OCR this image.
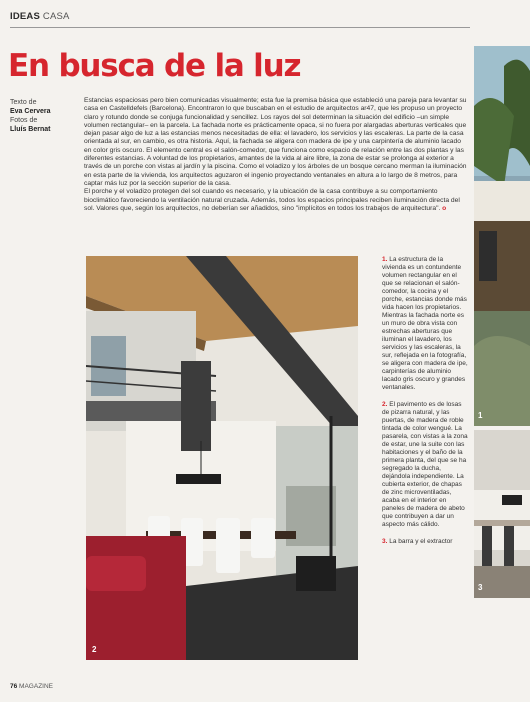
IDEAS CASA
En busca de la luz
Texto de
Eva Cervera
Fotos de
Lluís Bernat

Estancias espaciosas pero bien comunicadas visualmente; esta fue la premisa básica que estableció una pareja para levantar su casa en Castelldefels (Barcelona). Encontraron lo que buscaban en el estudio de arquitectos ar47, que les propuso un proyecto claro y rotundo donde se conjuga funcionalidad y sencillez. Los rayos del sol determinan la situación del edificio –un simple volumen rectangular– en la parcela. La fachada norte es prácticamente opaca, si no fuera por alargadas aberturas verticales que dejan pasar algo de luz a las estancias menos necesitadas de ella: el lavadero, los servicios y las escaleras. La parte de la casa orientada al sur, en cambio, es otra historia. Aquí, la fachada se aligera con madera de ipe y una carpintería de aluminio lacado en color gris oscuro. El elemento central es el salón-comedor, que funciona como espacio de relación entre las dos plantas y las diferentes estancias. A voluntad de los propietarios, amantes de la vida al aire libre, la zona de estar se prolonga al exterior a través de un porche con vistas al jardín y la piscina. Como el voladizo y los árboles de un bosque cercano merman la iluminación en esta parte de la vivienda, los arquitectos aguzaron el ingenio proyectando ventanales en altura a lo largo de 8 metros, para captar más luz por la sección superior de la casa.

El porche y el voladizo protegen del sol cuando es necesario, y la ubicación de la casa contribuye a su comportamiento bioclimático favoreciendo la ventilación natural cruzada. Además, todos los espacios principales reciben iluminación directa del sol. Valores que, según los arquitectos, no deberían ser añadidos, sino "implícitos en todos los trabajos de arquitectura". o

2
1
3
1. La estructura de la vivienda es un contundente volumen rectangular en el que se relacionan el salón-comedor, la cocina y el porche, estancias donde más vida hacen los propietarios. Mientras la fachada norte es un muro de obra vista con estrechas aberturas que iluminan el lavadero, los servicios y las escaleras, la sur, reflejada en la fotografía, se aligera con madera de ipe, carpinterías de aluminio lacado gris oscuro y grandes ventanales.
2. El pavimento es de losas de pizarra natural, y las puertas, de madera de roble tintada de color wengué. La pasarela, con vistas a la zona de estar, une la suite con las habitaciones y el baño de la primera planta, del que se ha segregado la ducha, dejándola independiente. La cubierta exterior, de chapas de zinc microventiladas, acaba en el interior en paneles de madera de abeto que contribuyen a dar un aspecto más cálido.
3. La barra y el extractor
76 MAGAZINE
